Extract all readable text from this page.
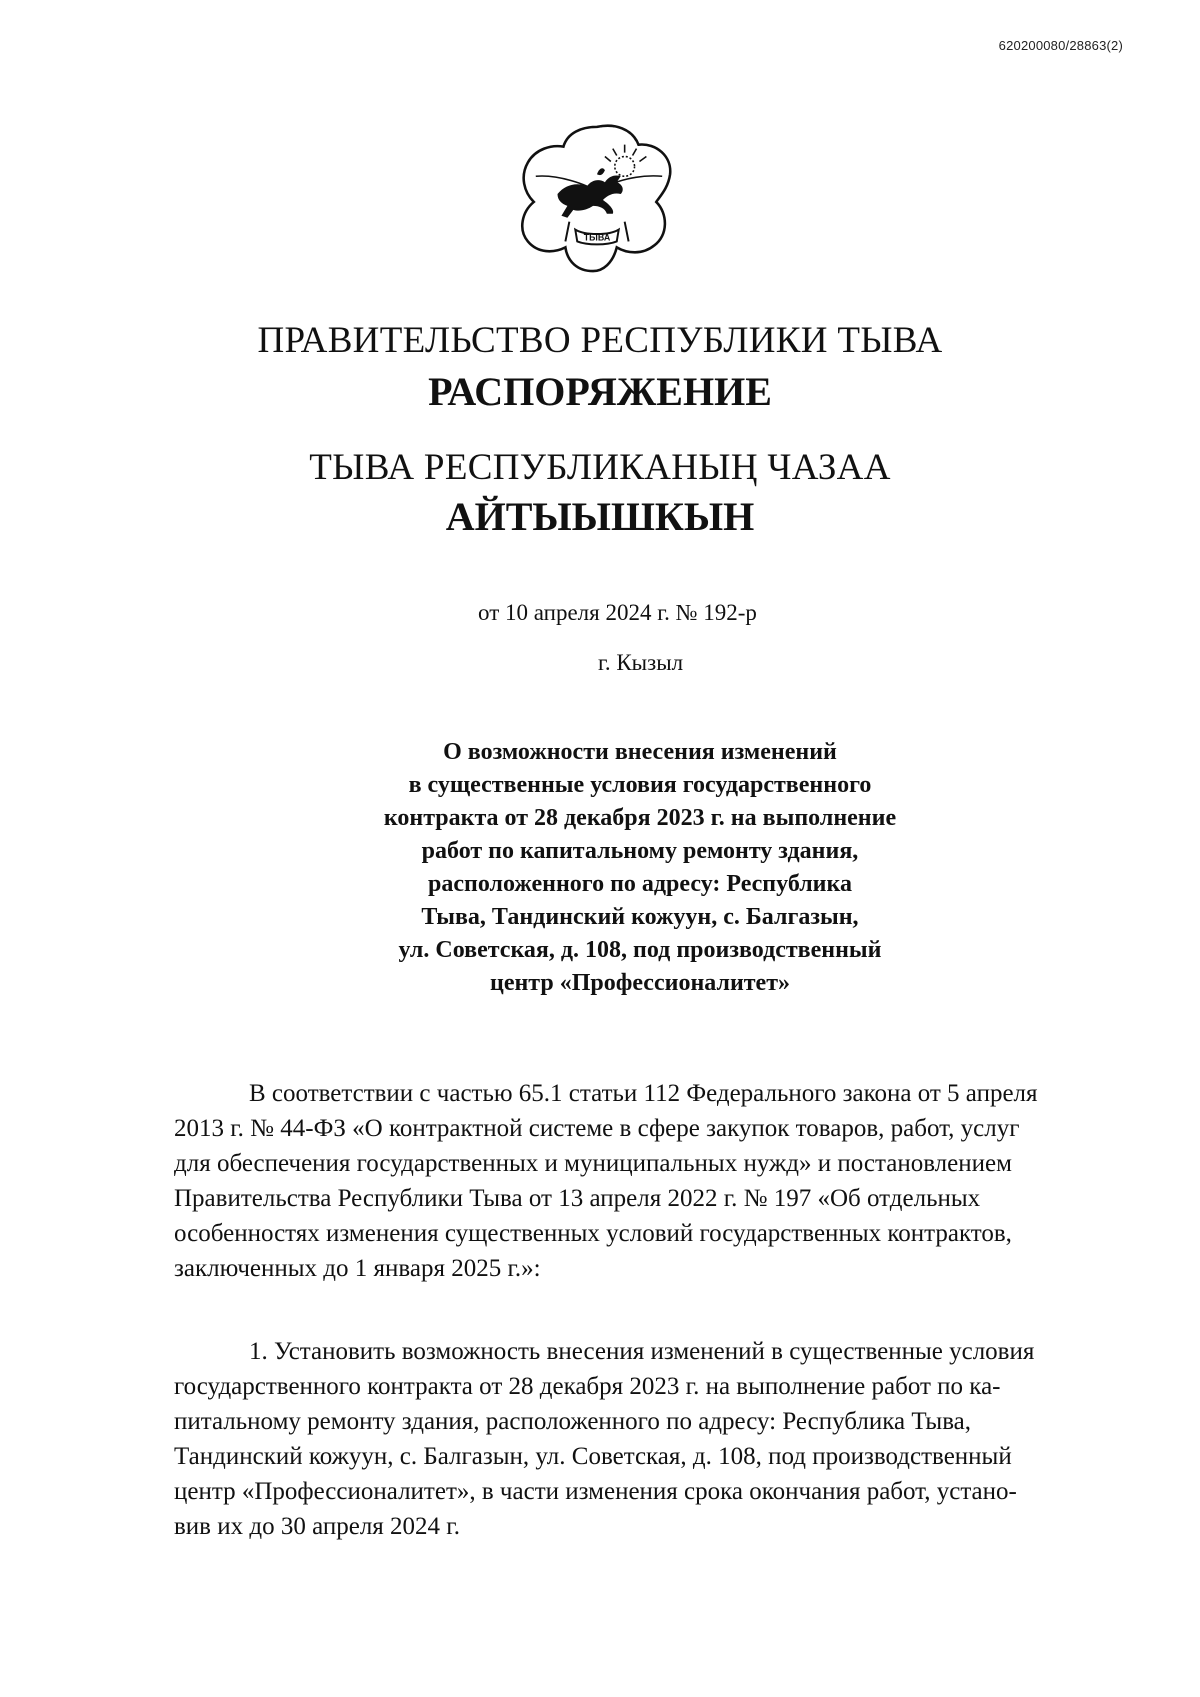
620200080/28863(2)
ТЫВА
ПРАВИТЕЛЬСТВО РЕСПУБЛИКИ ТЫВА
РАСПОРЯЖЕНИЕ
ТЫВА РЕСПУБЛИКАНЫҢ ЧАЗАА
АЙТЫЫШКЫН
от 10 апреля 2024 г. № 192-р
г. Кызыл
О возможности внесения изменений
в существенные условия государственного
контракта от 28 декабря 2023 г. на выполнение
работ по капитальному ремонту здания,
расположенного по адресу: Республика
Тыва, Тандинский кожуун, с. Балгазын,
ул. Советская, д. 108, под производственный
центр «Профессионалитет»
В соответствии с частью 65.1 статьи 112 Федерального закона от 5 апреля
2013 г. № 44-ФЗ «О контрактной системе в сфере закупок товаров, работ, услуг
для обеспечения государственных и муниципальных нужд» и постановлением
Правительства Республики Тыва от 13 апреля 2022 г. № 197 «Об отдельных
особенностях изменения существенных условий государственных контрактов,
заключенных до 1 января 2025 г.»:
1. Установить возможность внесения изменений в существенные условия
государственного контракта от 28 декабря 2023 г. на выполнение работ по ка-
питальному ремонту здания, расположенного по адресу: Республика Тыва,
Тандинский кожуун, с. Балгазын, ул. Советская, д. 108, под производственный
центр «Профессионалитет», в части изменения срока окончания работ, устано-
вив их до 30 апреля 2024 г.
